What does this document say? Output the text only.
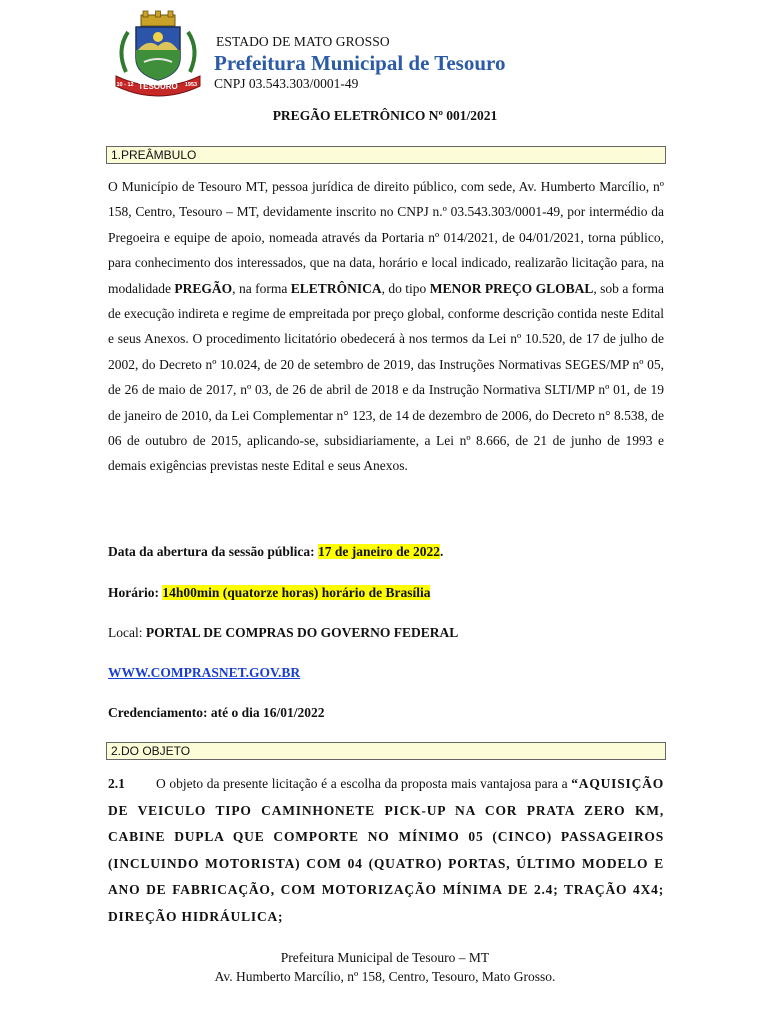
TESOURO
10 - 12	1953
ESTADO DE MATO GROSSO
Prefeitura Municipal de Tesouro
CNPJ 03.543.303/0001-49
PREGÃO ELETRÔNICO Nº 001/2021
1.PREÂMBULO

O Município de Tesouro MT, pessoa jurídica de direito público, com sede, Av. Humberto Marcílio, nº 158, Centro, Tesouro – MT, devidamente inscrito no CNPJ n.º 03.543.303/0001-49, por intermédio da Pregoeira e equipe de apoio, nomeada através da Portaria nº 014/2021, de 04/01/2021, torna público, para conhecimento dos interessados, que na data, horário e local indicado, realizarão licitação para, na modalidade PREGÃO, na forma ELETRÔNICA, do tipo MENOR PREÇO GLOBAL, sob a forma de execução indireta e regime de empreitada por preço global, conforme descrição contida neste Edital e seus Anexos. O procedimento licitatório obedecerá à nos termos da Lei nº 10.520, de 17 de julho de 2002, do Decreto nº 10.024, de 20 de setembro de 2019, das Instruções Normativas SEGES/MP nº 05, de 26 de maio de 2017, nº 03, de 26 de abril de 2018 e da Instrução Normativa SLTI/MP nº 01, de 19 de janeiro de 2010, da Lei Complementar n° 123, de 14 de dezembro de 2006, do Decreto n° 8.538, de 06 de outubro de 2015, aplicando-se, subsidiariamente, a Lei nº 8.666, de 21 de junho de 1993 e demais exigências previstas neste Edital e seus Anexos.

Data da abertura da sessão pública: 17 de janeiro de 2022.
Horário: 14h00min (quatorze horas) horário de Brasília
Local: PORTAL DE COMPRAS DO GOVERNO FEDERAL
WWW.COMPRASNET.GOV.BR
Credenciamento: até o dia 16/01/2022
2.DO OBJETO

2.1 O objeto da presente licitação é a escolha da proposta mais vantajosa para a “AQUISIÇÃO DE VEICULO TIPO CAMINHONETE PICK-UP NA COR PRATA ZERO KM, CABINE DUPLA QUE COMPORTE NO MÍNIMO 05 (CINCO) PASSAGEIROS (INCLUINDO MOTORISTA) COM 04 (QUATRO) PORTAS, ÚLTIMO MODELO E ANO DE FABRICAÇÃO, COM MOTORIZAÇÃO MÍNIMA DE 2.4; TRAÇÃO 4X4; DIREÇÃO HIDRÁULICA;

Prefeitura Municipal de Tesouro – MT
Av. Humberto Marcílio, nº 158, Centro, Tesouro, Mato Grosso.
